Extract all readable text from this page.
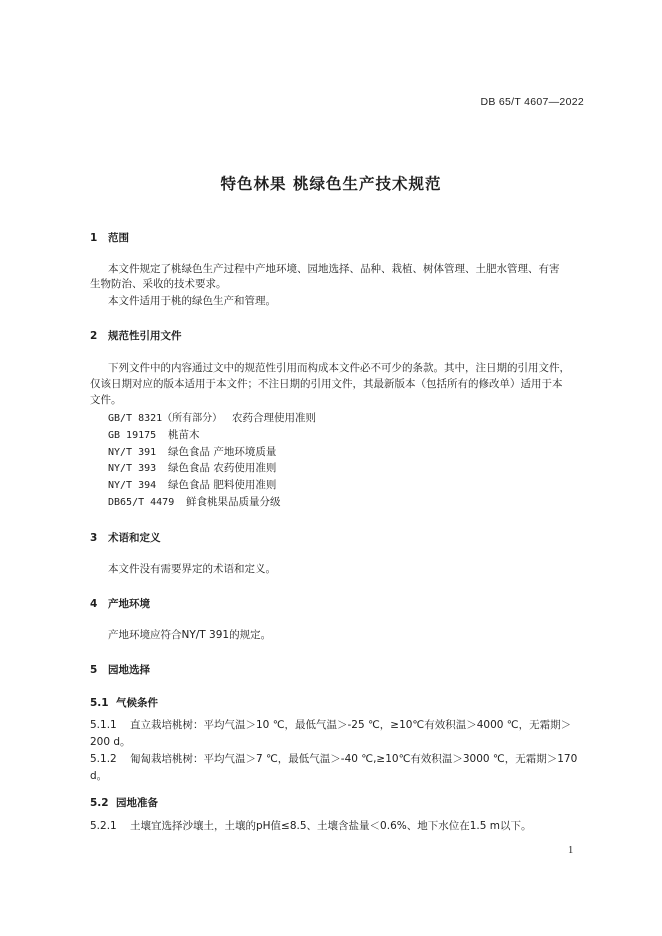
DB 65/T 4607—2022
特色林果 桃绿色生产技术规范
1 范围
本文件规定了桃绿色生产过程中产地环境、园地选择、品种、栽植、树体管理、土肥水管理、有害
生物防治、采收的技术要求。
本文件适用于桃的绿色生产和管理。
2 规范性引用文件
下列文件中的内容通过文中的规范性引用而构成本文件必不可少的条款。其中，注日期的引用文件，
仅该日期对应的版本适用于本文件；不注日期的引用文件，其最新版本（包括所有的修改单）适用于本
文件。
GB/T 8321（所有部分） 农药合理使用准则
GB 19175 桃苗木
NY/T 391 绿色食品 产地环境质量
NY/T 393 绿色食品 农药使用准则
NY/T 394 绿色食品 肥料使用准则
DB65/T 4479 鲜食桃果品质量分级
3 术语和定义
本文件没有需要界定的术语和定义。
4 产地环境
产地环境应符合NY/T 391的规定。
5 园地选择
5.1 气候条件
5.1.1 直立栽培桃树：平均气温＞10 ℃，最低气温＞-25 ℃，≥10℃有效积温＞4000 ℃，无霜期＞
200 d。
5.1.2 匍匐栽培桃树：平均气温＞7 ℃，最低气温＞-40 ℃,≥10℃有效积温＞3000 ℃，无霜期＞170
d。
5.2 园地准备
5.2.1 土壤宜选择沙壤土，土壤的pH值≤8.5、土壤含盐量＜0.6%、地下水位在1.5 m以下。
1
